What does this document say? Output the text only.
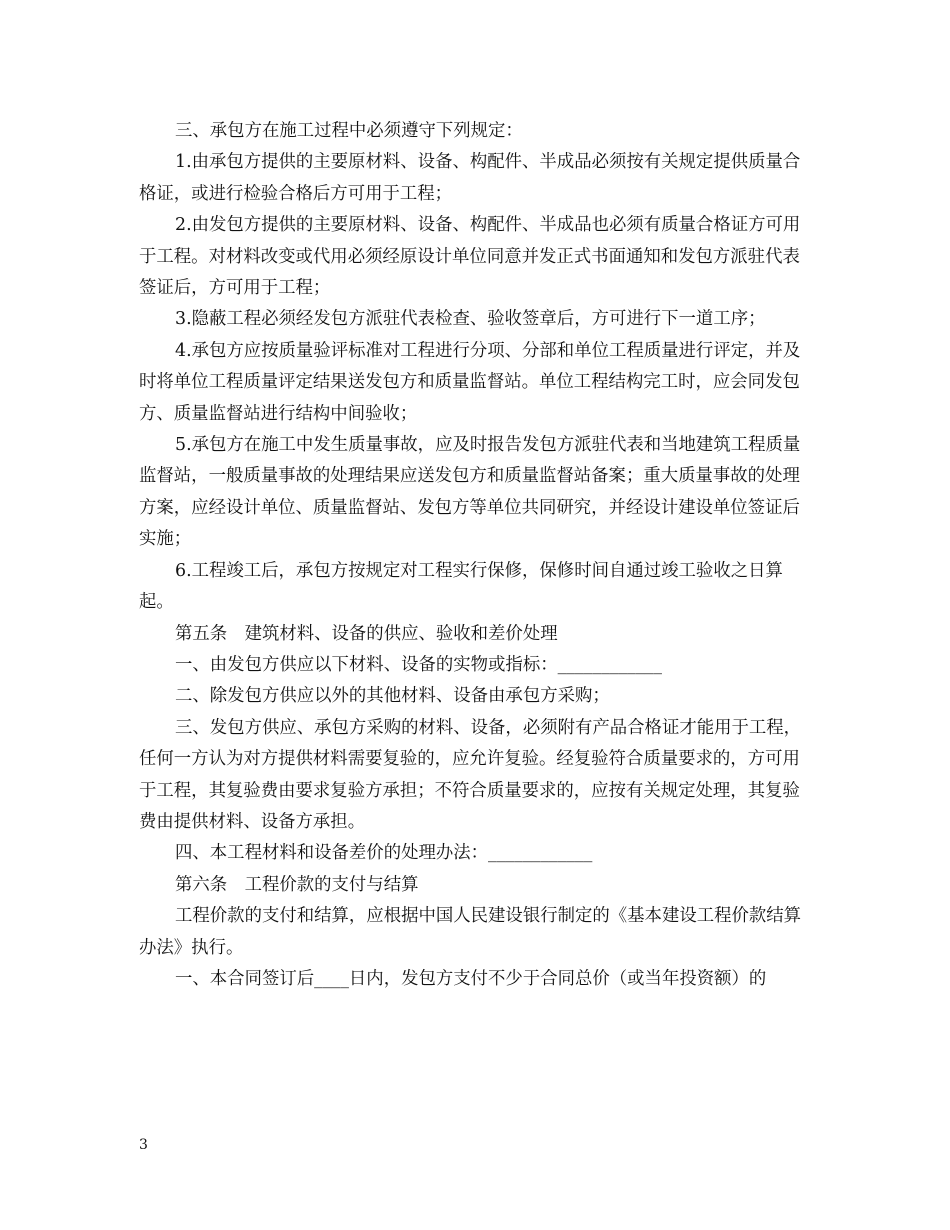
三、承包方在施工过程中必须遵守下列规定：

1.由承包方提供的主要原材料、设备、构配件、半成品必须按有关规定提供质量合格证，或进行检验合格后方可用于工程；

2.由发包方提供的主要原材料、设备、构配件、半成品也必须有质量合格证方可用于工程。对材料改变或代用必须经原设计单位同意并发正式书面通知和发包方派驻代表签证后，方可用于工程；

3.隐蔽工程必须经发包方派驻代表检查、验收签章后，方可进行下一道工序；

4.承包方应按质量验评标准对工程进行分项、分部和单位工程质量进行评定，并及时将单位工程质量评定结果送发包方和质量监督站。单位工程结构完工时，应会同发包方、质量监督站进行结构中间验收；

5.承包方在施工中发生质量事故，应及时报告发包方派驻代表和当地建筑工程质量监督站，一般质量事故的处理结果应送发包方和质量监督站备案；重大质量事故的处理方案，应经设计单位、质量监督站、发包方等单位共同研究，并经设计建设单位签证后实施；

6.工程竣工后，承包方按规定对工程实行保修，保修时间自通过竣工验收之日算起。

第五条　建筑材料、设备的供应、验收和差价处理

一、由发包方供应以下材料、设备的实物或指标：____________

二、除发包方供应以外的其他材料、设备由承包方采购；

三、发包方供应、承包方采购的材料、设备，必须附有产品合格证才能用于工程，任何一方认为对方提供材料需要复验的，应允许复验。经复验符合质量要求的，方可用于工程，其复验费由要求复验方承担；不符合质量要求的，应按有关规定处理，其复验费由提供材料、设备方承担。

四、本工程材料和设备差价的处理办法：____________

第六条　工程价款的支付与结算

工程价款的支付和结算，应根据中国人民建设银行制定的《基本建设工程价款结算办法》执行。

一、本合同签订后____日内，发包方支付不少于合同总价（或当年投资额）的

3
